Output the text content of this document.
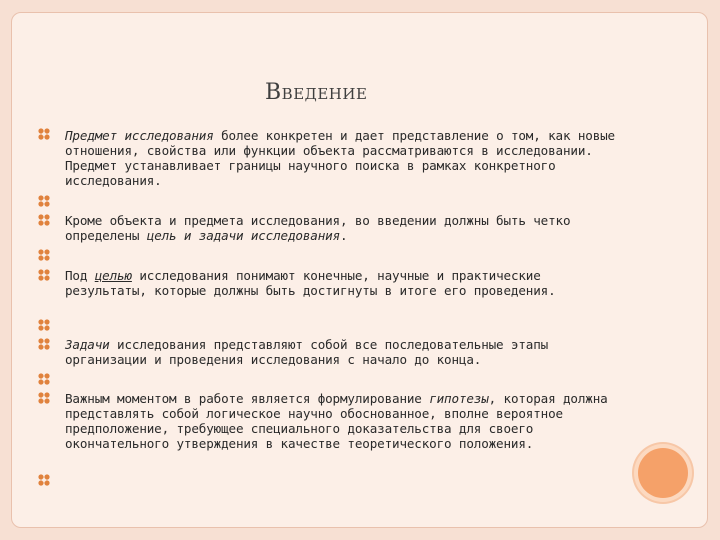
Введение

Предмет исследования более конкретен и дает представление о том, как новые отношения, свойства или функции объекта рассматриваются в исследовании. Предмет устанавливает границы научного поиска в рамках конкретного исследования.

Кроме объекта и предмета исследования, во введении должны быть четко определены цель и задачи исследования.

Под целью исследования понимают конечные, научные и практические результаты, которые должны быть достигнуты в итоге его проведения.

Задачи исследования представляют собой все последовательные этапы организации и проведения исследования с начало до конца.

Важным моментом в работе является формулирование гипотезы, которая должна представлять собой логическое научно обоснованное, вполне вероятное предположение, требующее специального доказательства для своего окончательного утверждения в качестве теоретического положения.
